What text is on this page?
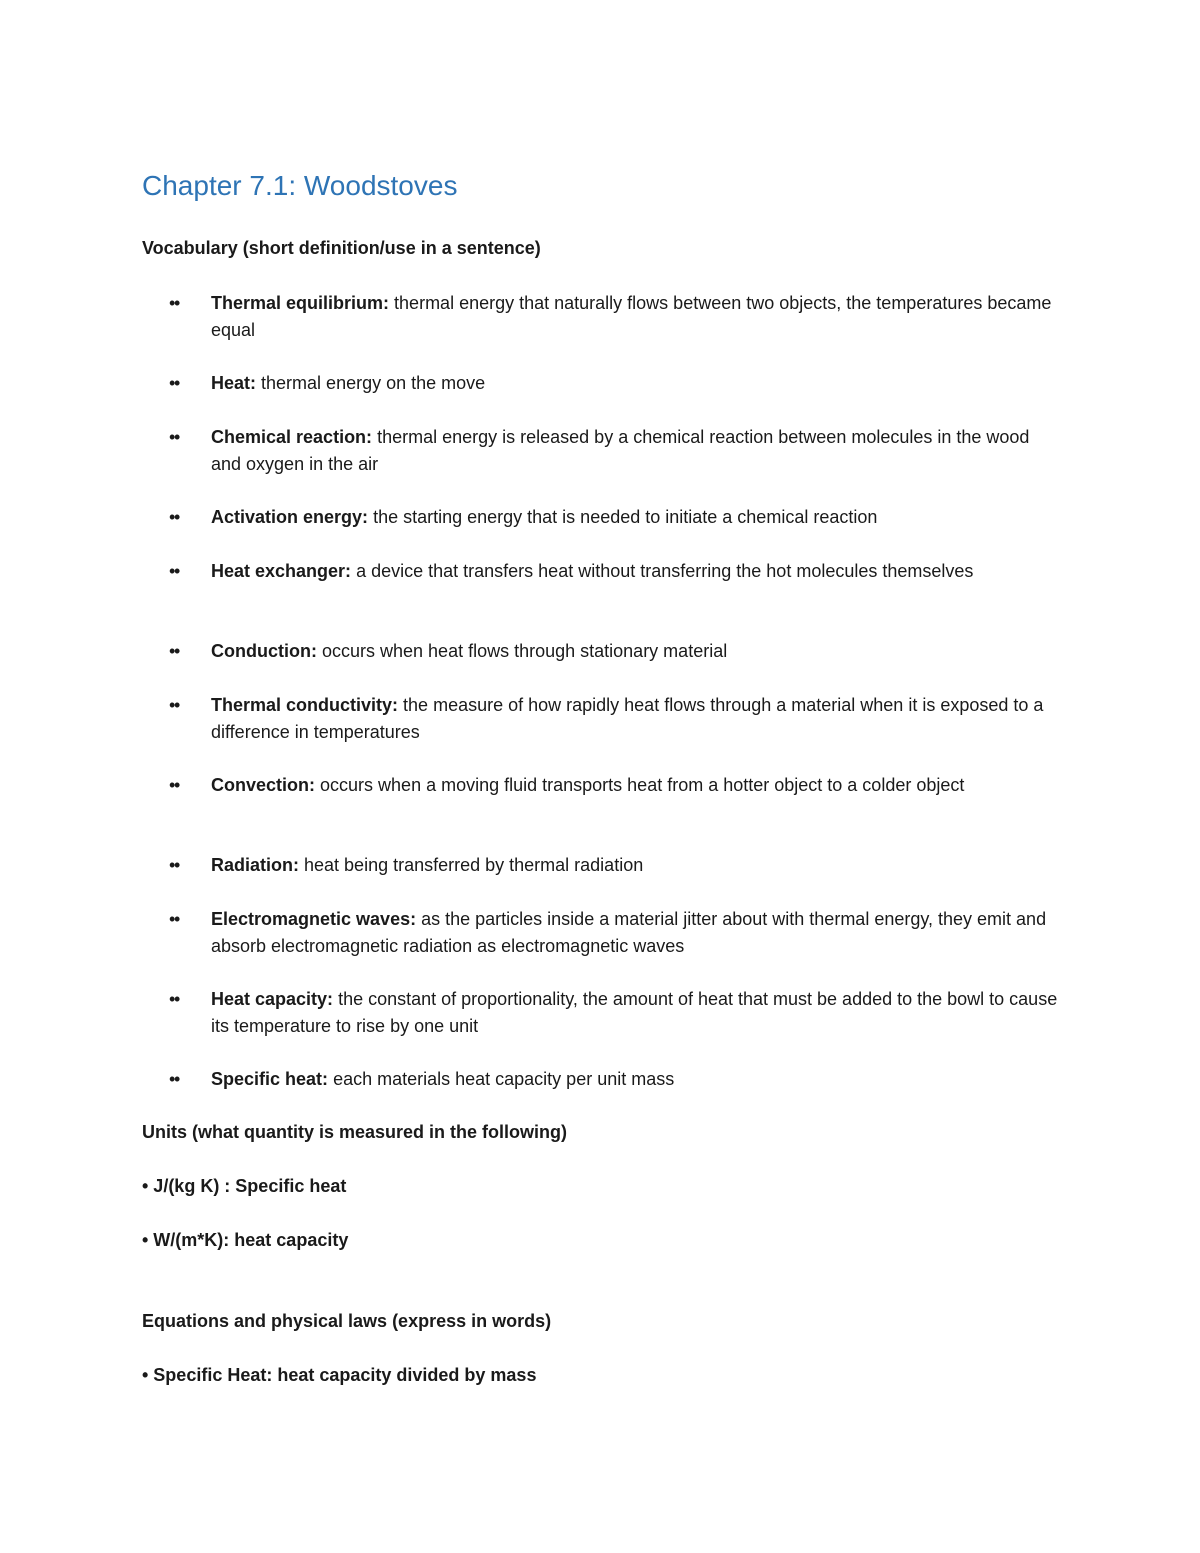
Chapter 7.1: Woodstoves
Vocabulary (short definition/use in a sentence)
•
• Thermal equilibrium: thermal energy that naturally flows between two objects, the temperatures became equal
•
• Heat: thermal energy on the move
•
• Chemical reaction: thermal energy is released by a chemical reaction between molecules in the wood and oxygen in the air
•
• Activation energy: the starting energy that is needed to initiate a chemical reaction
•
• Heat exchanger: a device that transfers heat without transferring the hot molecules themselves
•
• Conduction: occurs when heat flows through stationary material
•
• Thermal conductivity: the measure of how rapidly heat flows through a material when it is exposed to a difference in temperatures
•
• Convection: occurs when a moving fluid transports heat from a hotter object to a colder object
•
• Radiation: heat being transferred by thermal radiation
•
• Electromagnetic waves: as the particles inside a material jitter about with thermal energy, they emit and absorb electromagnetic radiation as electromagnetic waves
•
• Heat capacity: the constant of proportionality, the amount of heat that must be added to the bowl to cause its temperature to rise by one unit
•
• Specific heat: each materials heat capacity per unit mass
Units (what quantity is measured in the following)
• J/(kg K) : Specific heat
• W/(m*K): heat capacity
Equations and physical laws (express in words)
• Specific Heat: heat capacity divided by mass
